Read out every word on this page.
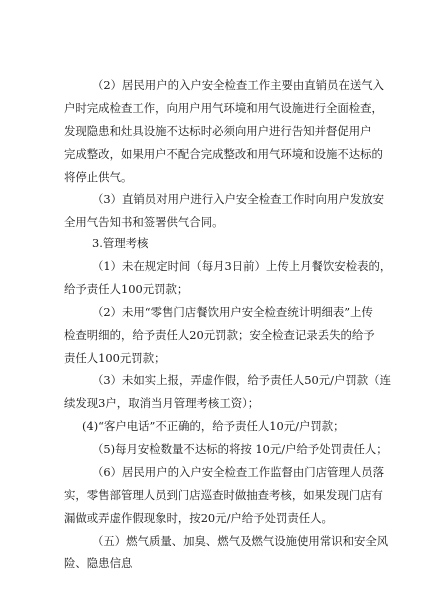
（2）居民用户的入户安全检查工作主要由直销员在送气入
户时完成检查工作，向用户用气环境和用气设施进行全面检查，
发现隐患和灶具设施不达标时必须向用户进行告知并督促用户
完成整改，如果用户不配合完成整改和用气环境和设施不达标的
将停止供气。
（3）直销员对用户进行入户安全检查工作时向用户发放安
全用气告知书和签署供气合同。
3.管理考核
（1）未在规定时间（每月3日前）上传上月餐饮安检表的，
给予责任人100元罚款；
（2）未用“零售门店餐饮用户安全检查统计明细表”上传
检查明细的，给予责任人20元罚款；安全检查记录丢失的给予
责任人100元罚款；
（3）未如实上报，弄虚作假，给予责任人50元/户罚款（连
续发现3户，取消当月管理考核工资）；
(4)“客户电话”不正确的，给予责任人10元/户罚款；
（5)每月安检数量不达标的将按 10元/户给予处罚责任人；
（6）居民用户的入户安全检查工作监督由门店管理人员落
实，零售部管理人员到门店巡查时做抽查考核，如果发现门店有
漏做或弄虚作假现象时，按20元/户给予处罚责任人。
（五）燃气质量、加臭、燃气及燃气设施使用常识和安全风
险、隐患信息
